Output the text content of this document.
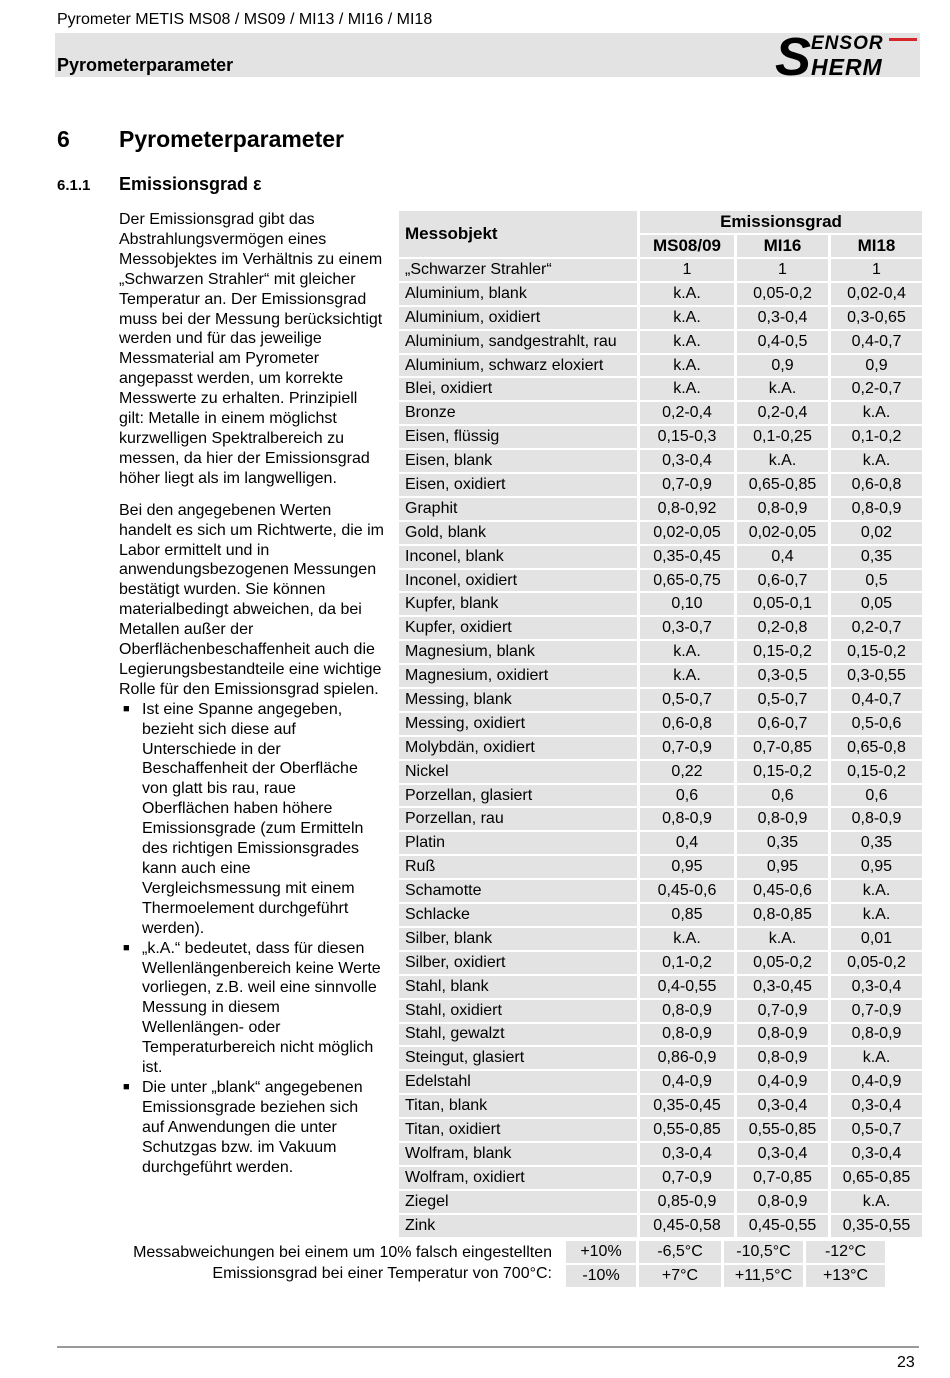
Pyrometer METIS MS08 / MS09 / MI13 / MI16 / MI18
Pyrometerparameter	S ENSOR
HERM
6 Pyrometerparameter
6.1.1 Emissionsgrad ε

Der Emissionsgrad gibt das Abstrahlungsvermögen eines Messobjektes im Verhältnis zu einem „Schwarzen Strahler“ mit gleicher Temperatur an. Der Emissionsgrad muss bei der Messung berücksichtigt werden und für das jeweilige Messmaterial am Pyrometer angepasst werden, um korrekte Messwerte zu erhalten. Prinzipiell gilt: Metalle in einem möglichst kurzwelligen Spektralbereich zu messen, da hier der Emissionsgrad höher liegt als im langwelligen.

Bei den angegebenen Werten handelt es sich um Richtwerte, die im Labor ermittelt und in anwendungsbezogenen Messungen bestätigt wurden. Sie können materialbedingt abweichen, da bei Metallen außer der Oberflächenbeschaffenheit auch die Legierungsbestandteile eine wichtige Rolle für den Emissionsgrad spielen.

■ Ist eine Spanne angegeben, bezieht sich diese auf Unterschiede in der Beschaffenheit der Oberfläche von glatt bis rau, raue Oberflächen haben höhere Emissionsgrade (zum Ermitteln des richtigen Emissionsgrades kann auch eine Vergleichsmessung mit einem Thermoelement durchgeführt werden).
■ „k.A.“ bedeutet, dass für diesen Wellenlängenbereich keine Werte vorliegen, z.B. weil eine sinnvolle Messung in diesem Wellenlängen- oder Temperaturbereich nicht möglich ist.
■ Die unter „blank“ angegebenen Emissionsgrade beziehen sich auf Anwendungen die unter Schutzgas bzw. im Vakuum durchgeführt werden.
Messobjekt	Emissionsgrad		
	MS08/09	MI16	MI18
„Schwarzer Strahler“	1	1	1
Aluminium, blank	k.A.	0,05-0,2	0,02-0,4
Aluminium, oxidiert	k.A.	0,3-0,4	0,3-0,65
Aluminium, sandgestrahlt, rau	k.A.	0,4-0,5	0,4-0,7
Aluminium, schwarz eloxiert	k.A.	0,9	0,9
Blei, oxidiert	k.A.	k.A.	0,2-0,7
Bronze	0,2-0,4	0,2-0,4	k.A.
Eisen, flüssig	0,15-0,3	0,1-0,25	0,1-0,2
Eisen, blank	0,3-0,4	k.A.	k.A.
Eisen, oxidiert	0,7-0,9	0,65-0,85	0,6-0,8
Graphit	0,8-0,92	0,8-0,9	0,8-0,9
Gold, blank	0,02-0,05	0,02-0,05	0,02
Inconel, blank	0,35-0,45	0,4	0,35
Inconel, oxidiert	0,65-0,75	0,6-0,7	0,5
Kupfer, blank	0,10	0,05-0,1	0,05
Kupfer, oxidiert	0,3-0,7	0,2-0,8	0,2-0,7
Magnesium, blank	k.A.	0,15-0,2	0,15-0,2
Magnesium, oxidiert	k.A.	0,3-0,5	0,3-0,55
Messing, blank	0,5-0,7	0,5-0,7	0,4-0,7
Messing, oxidiert	0,6-0,8	0,6-0,7	0,5-0,6
Molybdän, oxidiert	0,7-0,9	0,7-0,85	0,65-0,8
Nickel	0,22	0,15-0,2	0,15-0,2
Porzellan, glasiert	0,6	0,6	0,6
Porzellan, rau	0,8-0,9	0,8-0,9	0,8-0,9
Platin	0,4	0,35	0,35
Ruß	0,95	0,95	0,95
Schamotte	0,45-0,6	0,45-0,6	k.A.
Schlacke	0,85	0,8-0,85	k.A.
Silber, blank	k.A.	k.A.	0,01
Silber, oxidiert	0,1-0,2	0,05-0,2	0,05-0,2
Stahl, blank	0,4-0,55	0,3-0,45	0,3-0,4
Stahl, oxidiert	0,8-0,9	0,7-0,9	0,7-0,9
Stahl, gewalzt	0,8-0,9	0,8-0,9	0,8-0,9
Steingut, glasiert	0,86-0,9	0,8-0,9	k.A.
Edelstahl	0,4-0,9	0,4-0,9	0,4-0,9
Titan, blank	0,35-0,45	0,3-0,4	0,3-0,4
Titan, oxidiert	0,55-0,85	0,55-0,85	0,5-0,7
Wolfram, blank	0,3-0,4	0,3-0,4	0,3-0,4
Wolfram, oxidiert	0,7-0,9	0,7-0,85	0,65-0,85
Ziegel	0,85-0,9	0,8-0,9	k.A.
Zink	0,45-0,58	0,45-0,55	0,35-0,55
Messabweichungen bei einem um 10% falsch eingestellten
Emissionsgrad bei einer Temperatur von 700°C:
+10%	-6,5°C	-10,5°C	-12°C
-10%	+7°C	+11,5°C	+13°C
23
